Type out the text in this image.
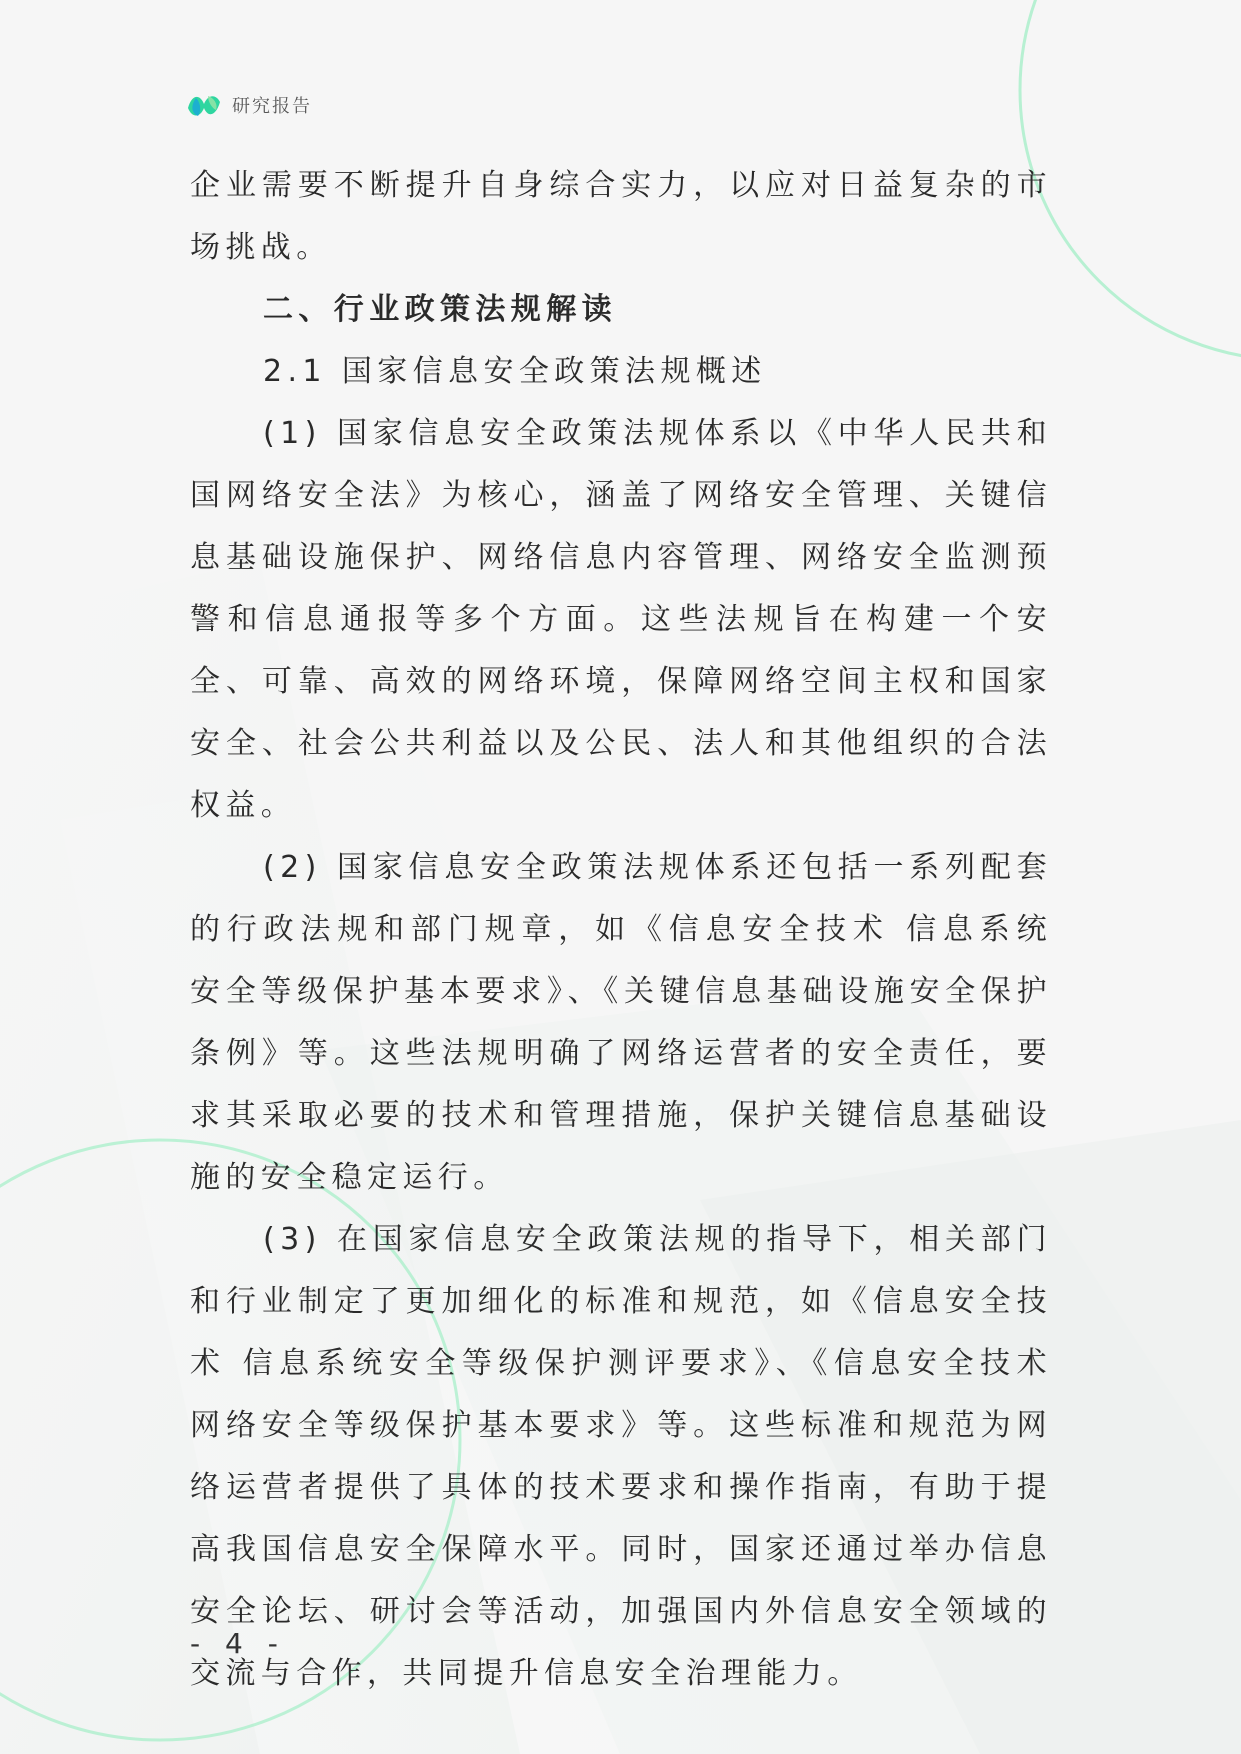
研究报告

企业需要不断提升自身综合实力，以应对日益复杂的市场挑战。

二、行业政策法规解读

2.1 国家信息安全政策法规概述

(1) 国家信息安全政策法规体系以《中华人民共和国网络安全法》为核心，涵盖了网络安全管理、关键信息基础设施保护、网络信息内容管理、网络安全监测预警和信息通报等多个方面。这些法规旨在构建一个安全、可靠、高效的网络环境，保障网络空间主权和国家安全、社会公共利益以及公民、法人和其他组织的合法权益。

(2) 国家信息安全政策法规体系还包括一系列配套的行政法规和部门规章，如《信息安全技术 信息系统安全等级保护基本要求》、《关键信息基础设施安全保护条例》等。这些法规明确了网络运营者的安全责任，要求其采取必要的技术和管理措施，保护关键信息基础设施的安全稳定运行。

(3) 在国家信息安全政策法规的指导下，相关部门和行业制定了更加细化的标准和规范，如《信息安全技术 信息系统安全等级保护测评要求》、《信息安全技术 网络安全等级保护基本要求》等。这些标准和规范为网络运营者提供了具体的技术要求和操作指南，有助于提高我国信息安全保障水平。同时，国家还通过举办信息安全论坛、研讨会等活动，加强国内外信息安全领域的交流与合作，共同提升信息安全治理能力。

- 4 -
